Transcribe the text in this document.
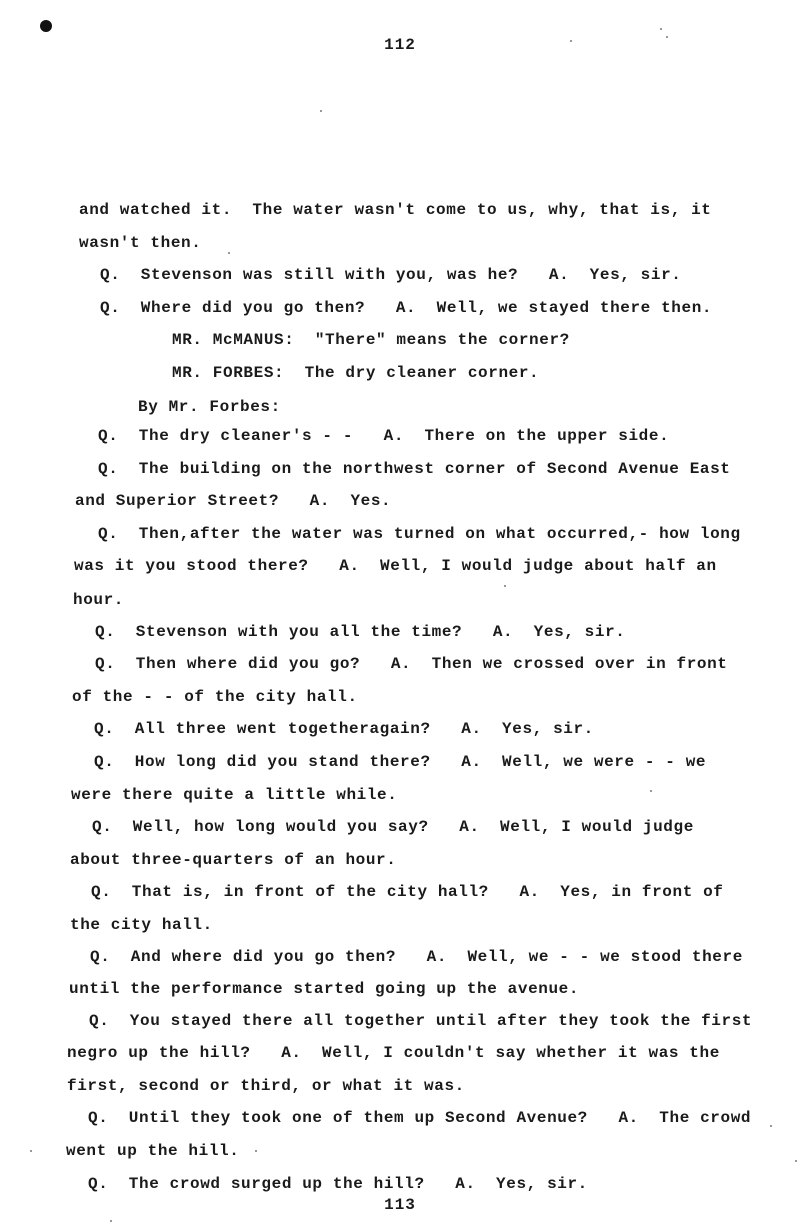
112
and watched it.  The water wasn't come to us, why, that is, it
wasn't then.
Q.  Stevenson was still with you, was he?   A.  Yes, sir.
Q.  Where did you go then?   A.  Well, we stayed there then.
MR. McMANUS:  "There" means the corner?
MR. FORBES:  The dry cleaner corner.
By Mr. Forbes:
Q.  The dry cleaner's - -   A.  There on the upper side.
Q.  The building on the northwest corner of Second Avenue East
and Superior Street?   A.  Yes.
Q.  Then,after the water was turned on what occurred,- how long
was it you stood there?   A.  Well, I would judge about half an
hour.
Q.  Stevenson with you all the time?   A.  Yes, sir.
Q.  Then where did you go?   A.  Then we crossed over in front
of the - - of the city hall.
Q.  All three went togetheragain?   A.  Yes, sir.
Q.  How long did you stand there?   A.  Well, we were - - we
were there quite a little while.
Q.  Well, how long would you say?   A.  Well, I would judge
about three-quarters of an hour.
Q.  That is, in front of the city hall?   A.  Yes, in front of
the city hall.
Q.  And where did you go then?   A.  Well, we - - we stood there
until the performance started going up the avenue.
Q.  You stayed there all together until after they took the first
negro up the hill?   A.  Well, I couldn't say whether it was the
first, second or third, or what it was.
Q.  Until they took one of them up Second Avenue?   A.  The crowd
went up the hill.
Q.  The crowd surged up the hill?   A.  Yes, sir.
113
